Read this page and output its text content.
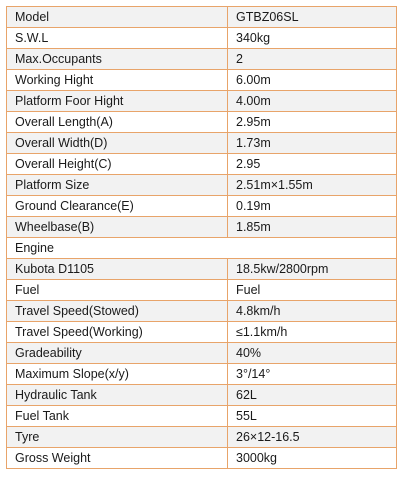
Model	GTBZ06SL
S.W.L	340kg
Max.Occupants	2
Working Hight	6.00m
Platform Foor Hight	4.00m
Overall Length(A)	2.95m
Overall Width(D)	1.73m
Overall Height(C)	2.95
Platform Size	2.51m×1.55m
Ground Clearance(E)	0.19m
Wheelbase(B)	1.85m
Engine	
Kubota D1105	18.5kw/2800rpm
Fuel	Fuel
Travel Speed(Stowed)	4.8km/h
Travel Speed(Working)	≤1.1km/h
Gradeability	40%
Maximum Slope(x/y)	3°/14°
Hydraulic Tank	62L
Fuel Tank	55L
Tyre	26×12-16.5
Gross Weight	3000kg
